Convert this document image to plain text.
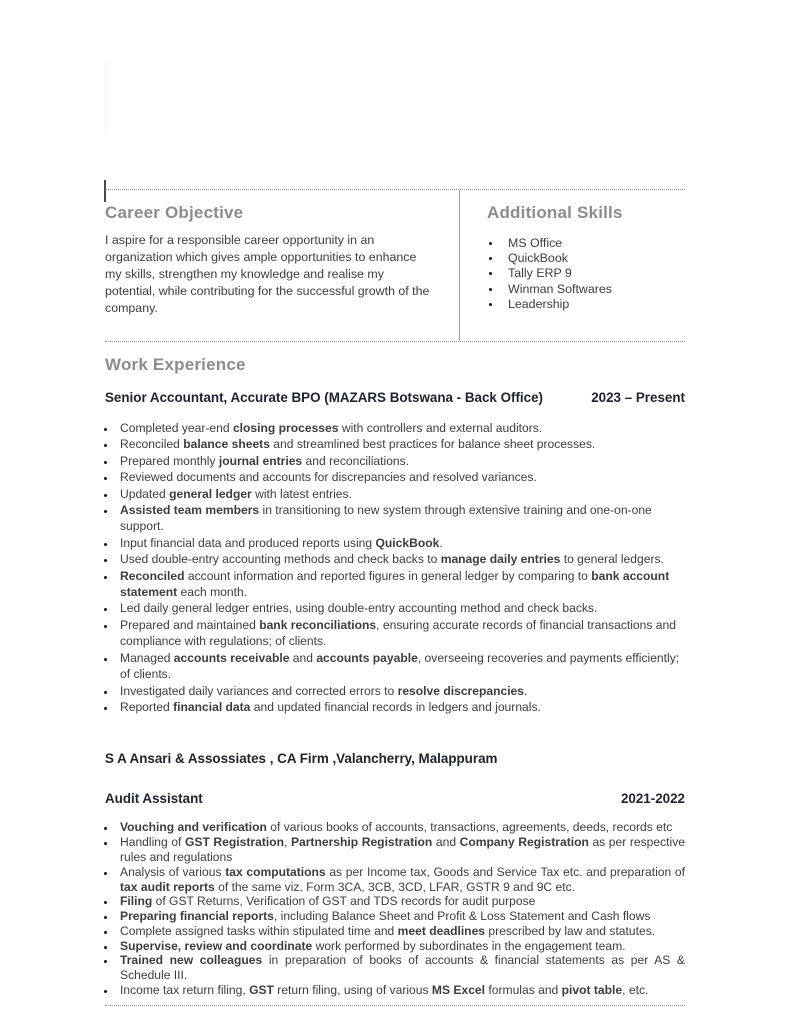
Career Objective

I aspire for a responsible career opportunity in an organization which gives ample opportunities to enhance my skills, strengthen my knowledge and realise my potential, while contributing for the successful growth of the company.

Additional Skills
• MS Office
• QuickBook
• Tally ERP 9
• Winman Softwares
• Leadership
Work Experience
Senior Accountant, Accurate BPO (MAZARS Botswana - Back Office)	2023 – Present
• Completed year-end closing processes with controllers and external auditors.
• Reconciled balance sheets and streamlined best practices for balance sheet processes.
• Prepared monthly journal entries and reconciliations.
• Reviewed documents and accounts for discrepancies and resolved variances.
• Updated general ledger with latest entries.
• Assisted team members in transitioning to new system through extensive training and one-on-one support.
• Input financial data and produced reports using QuickBook.
• Used double-entry accounting methods and check backs to manage daily entries to general ledgers.
• Reconciled account information and reported figures in general ledger by comparing to bank account statement each month.
• Led daily general ledger entries, using double-entry accounting method and check backs.
• Prepared and maintained bank reconciliations, ensuring accurate records of financial transactions and compliance with regulations; of clients.
• Managed accounts receivable and accounts payable, overseeing recoveries and payments efficiently; of clients.
• Investigated daily variances and corrected errors to resolve discrepancies.
• Reported financial data and updated financial records in ledgers and journals.
S A Ansari & Assossiates , CA Firm ,Valancherry, Malappuram
Audit Assistant	2021-2022
• Vouching and verification of various books of accounts, transactions, agreements, deeds, records etc
• Handling of GST Registration, Partnership Registration and Company Registration as per respective rules and regulations
• Analysis of various tax computations as per Income tax, Goods and Service Tax etc. and preparation of tax audit reports of the same viz. Form 3CA, 3CB, 3CD, LFAR, GSTR 9 and 9C etc.
• Filing of GST Returns, Verification of GST and TDS records for audit purpose
• Preparing financial reports, including Balance Sheet and Profit & Loss Statement and Cash flows
• Complete assigned tasks within stipulated time and meet deadlines prescribed by law and statutes.
• Supervise, review and coordinate work performed by subordinates in the engagement team.
• Trained new colleagues in preparation of books of accounts & financial statements as per AS & Schedule III.
• Income tax return filing, GST return filing, using of various MS Excel formulas and pivot table, etc.
